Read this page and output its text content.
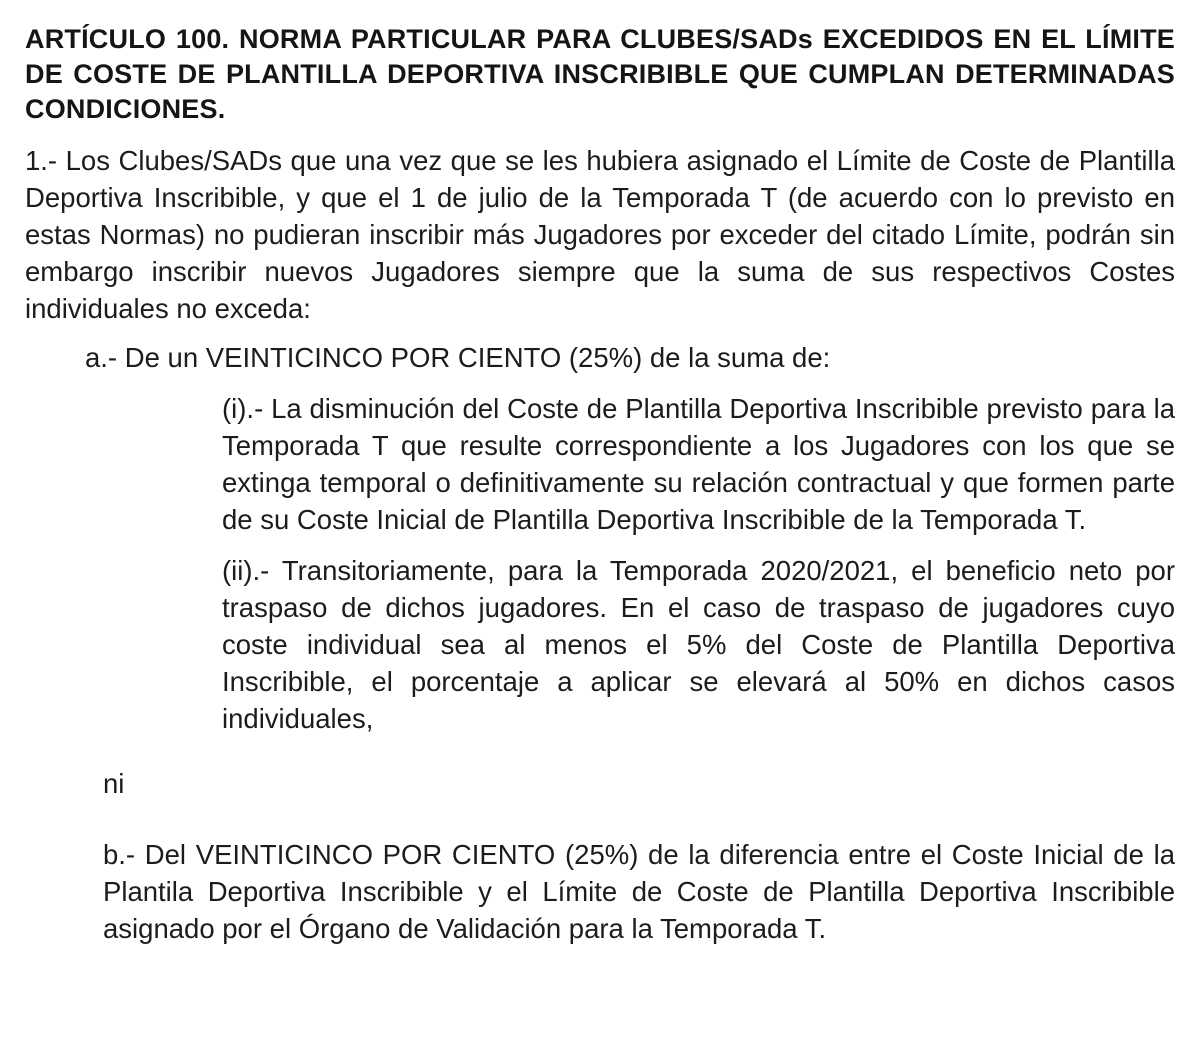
ARTÍCULO 100. NORMA PARTICULAR PARA CLUBES/SADs EXCEDIDOS EN EL LÍMITE DE COSTE DE PLANTILLA DEPORTIVA INSCRIBIBLE QUE CUMPLAN DETERMINADAS CONDICIONES.

1.- Los Clubes/SADs que una vez que se les hubiera asignado el Límite de Coste de Plantilla Deportiva Inscribible, y que el 1 de julio de la Temporada T (de acuerdo con lo previsto en estas Normas) no pudieran inscribir más Jugadores por exceder del citado Límite, podrán sin embargo inscribir nuevos Jugadores siempre que la suma de sus respectivos Costes individuales no exceda:

a.- De un VEINTICINCO POR CIENTO (25%) de la suma de:

(i).- La disminución del Coste de Plantilla Deportiva Inscribible previsto para la Temporada T que resulte correspondiente a los Jugadores con los que se extinga temporal o definitivamente su relación contractual y que formen parte de su Coste Inicial de Plantilla Deportiva Inscribible de la Temporada T.

(ii).- Transitoriamente, para la Temporada 2020/2021, el beneficio neto por traspaso de dichos jugadores. En el caso de traspaso de jugadores cuyo coste individual sea al menos el 5% del Coste de Plantilla Deportiva Inscribible, el porcentaje a aplicar se elevará al 50% en dichos casos individuales,

ni

b.- Del VEINTICINCO POR CIENTO (25%) de la diferencia entre el Coste Inicial de la Plantila Deportiva Inscribible y el Límite de Coste de Plantilla Deportiva Inscribible asignado por el Órgano de Validación para la Temporada T.
